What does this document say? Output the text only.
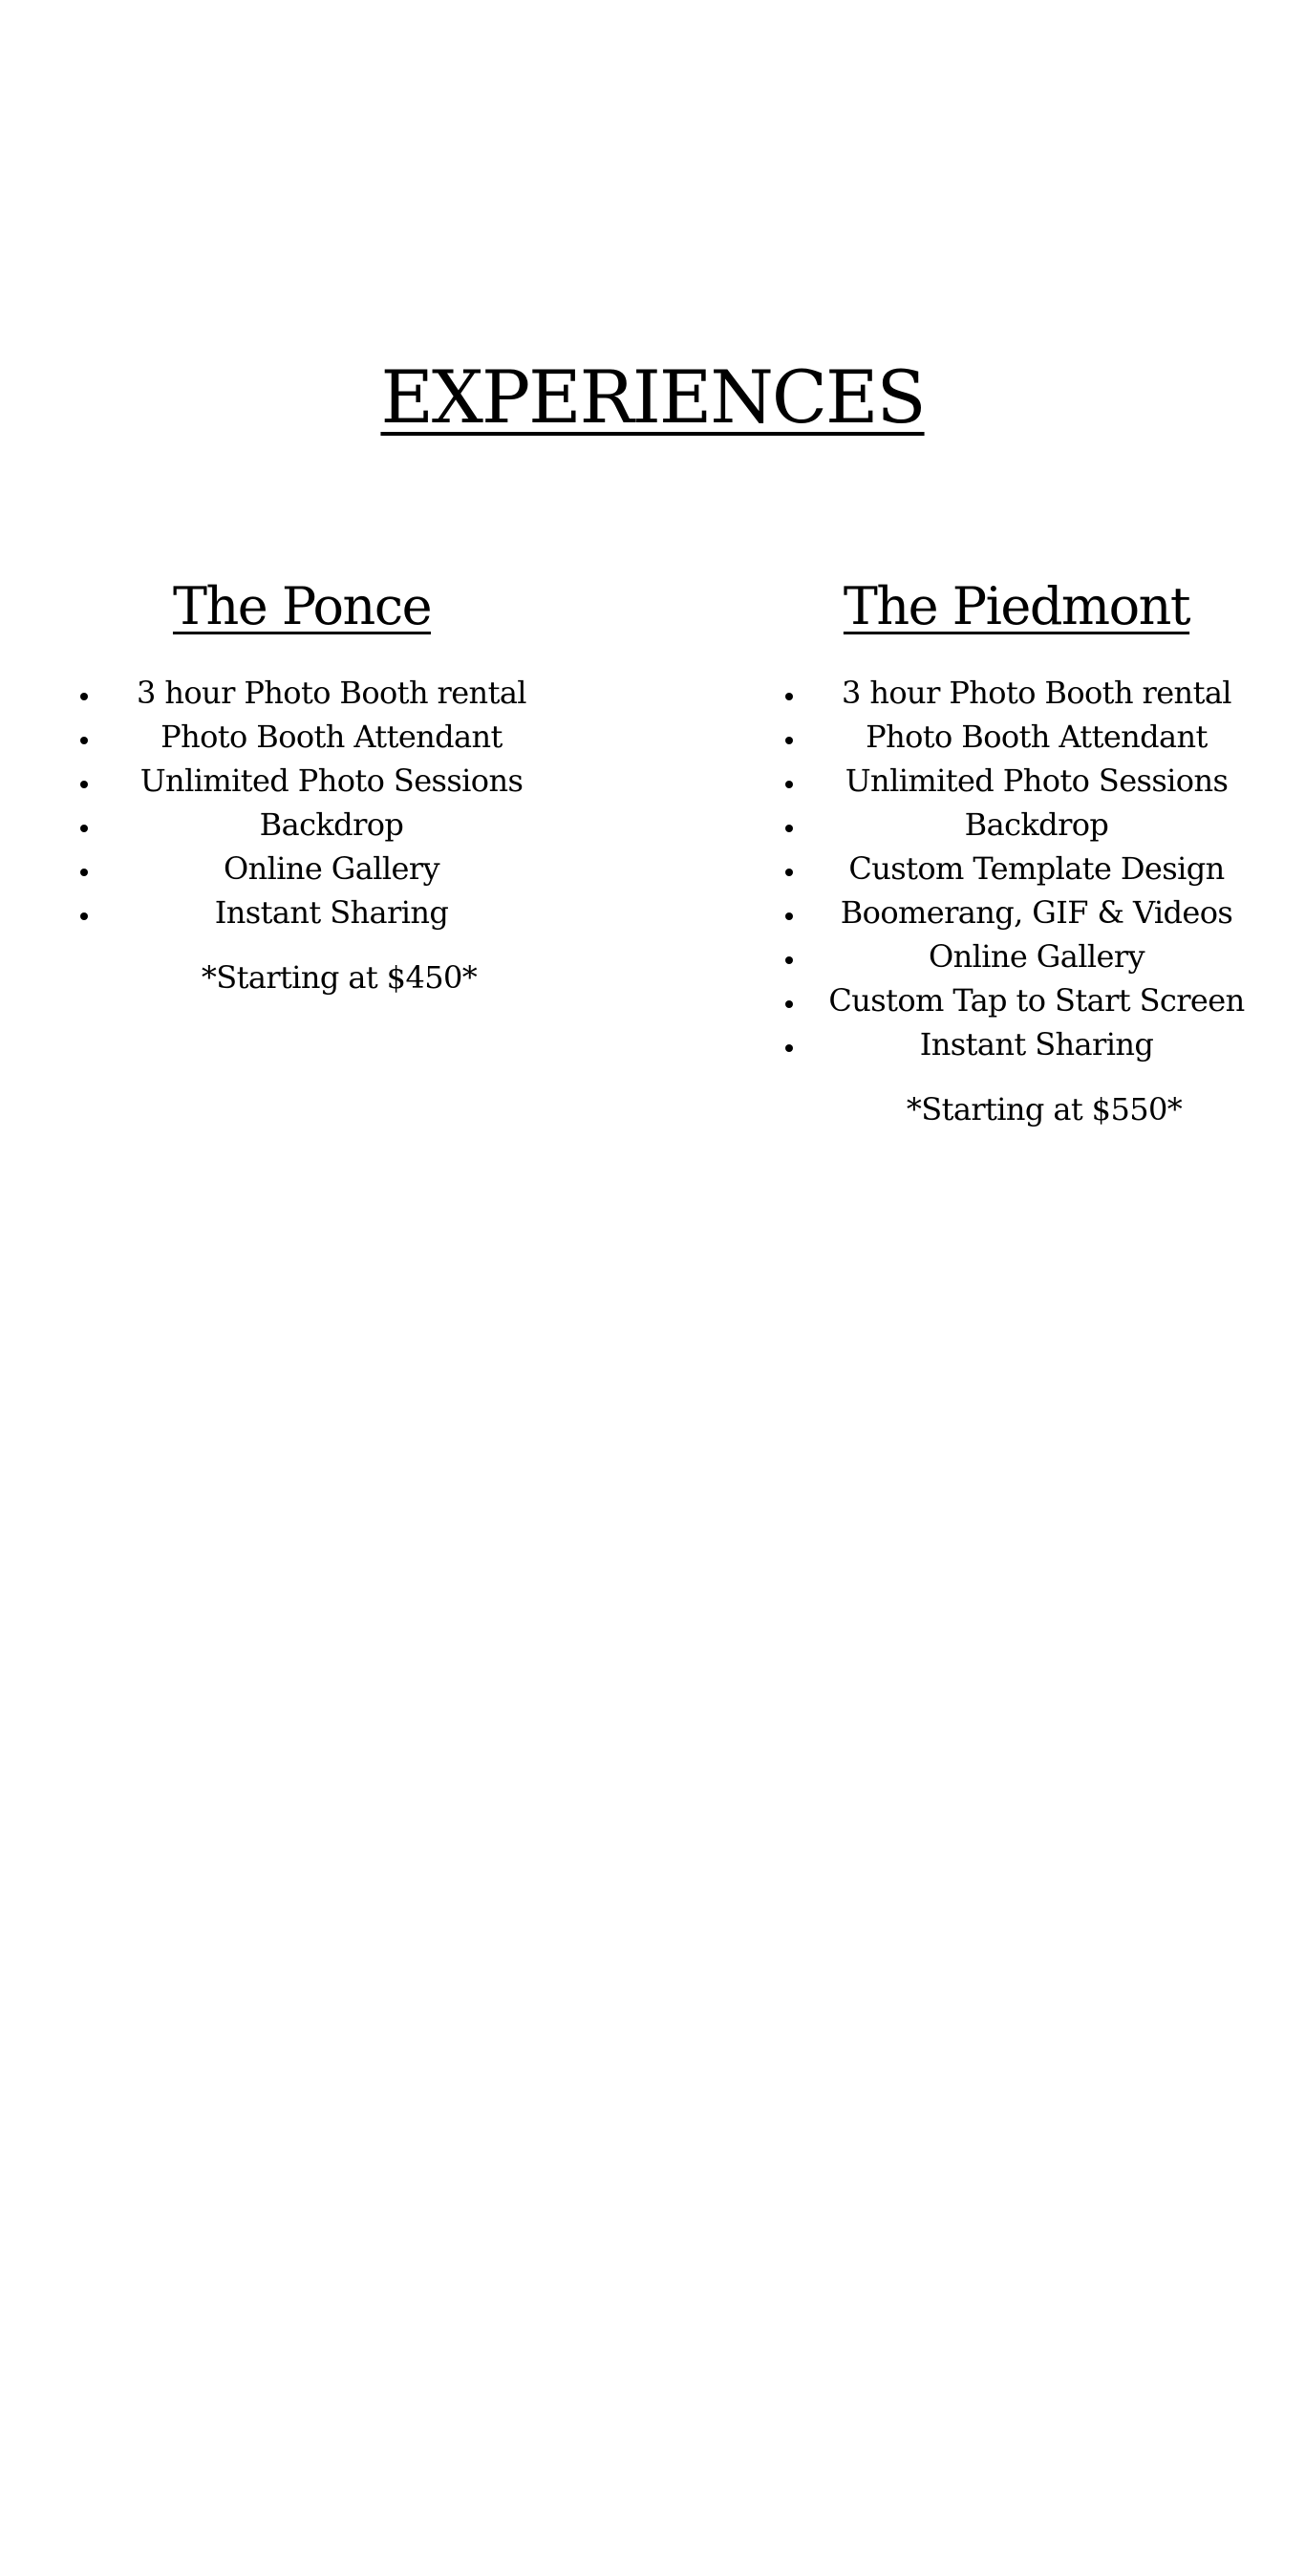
EXPERIENCES
The Ponce
• 3 hour Photo Booth rental
• Photo Booth Attendant
• Unlimited Photo Sessions
• Backdrop
• Online Gallery
• Instant Sharing

*Starting at $450*

The Piedmont
• 3 hour Photo Booth rental
• Photo Booth Attendant
• Unlimited Photo Sessions
• Backdrop
• Custom Template Design
• Boomerang, GIF & Videos
• Online Gallery
• Custom Tap to Start Screen
• Instant Sharing

*Starting at $550*
